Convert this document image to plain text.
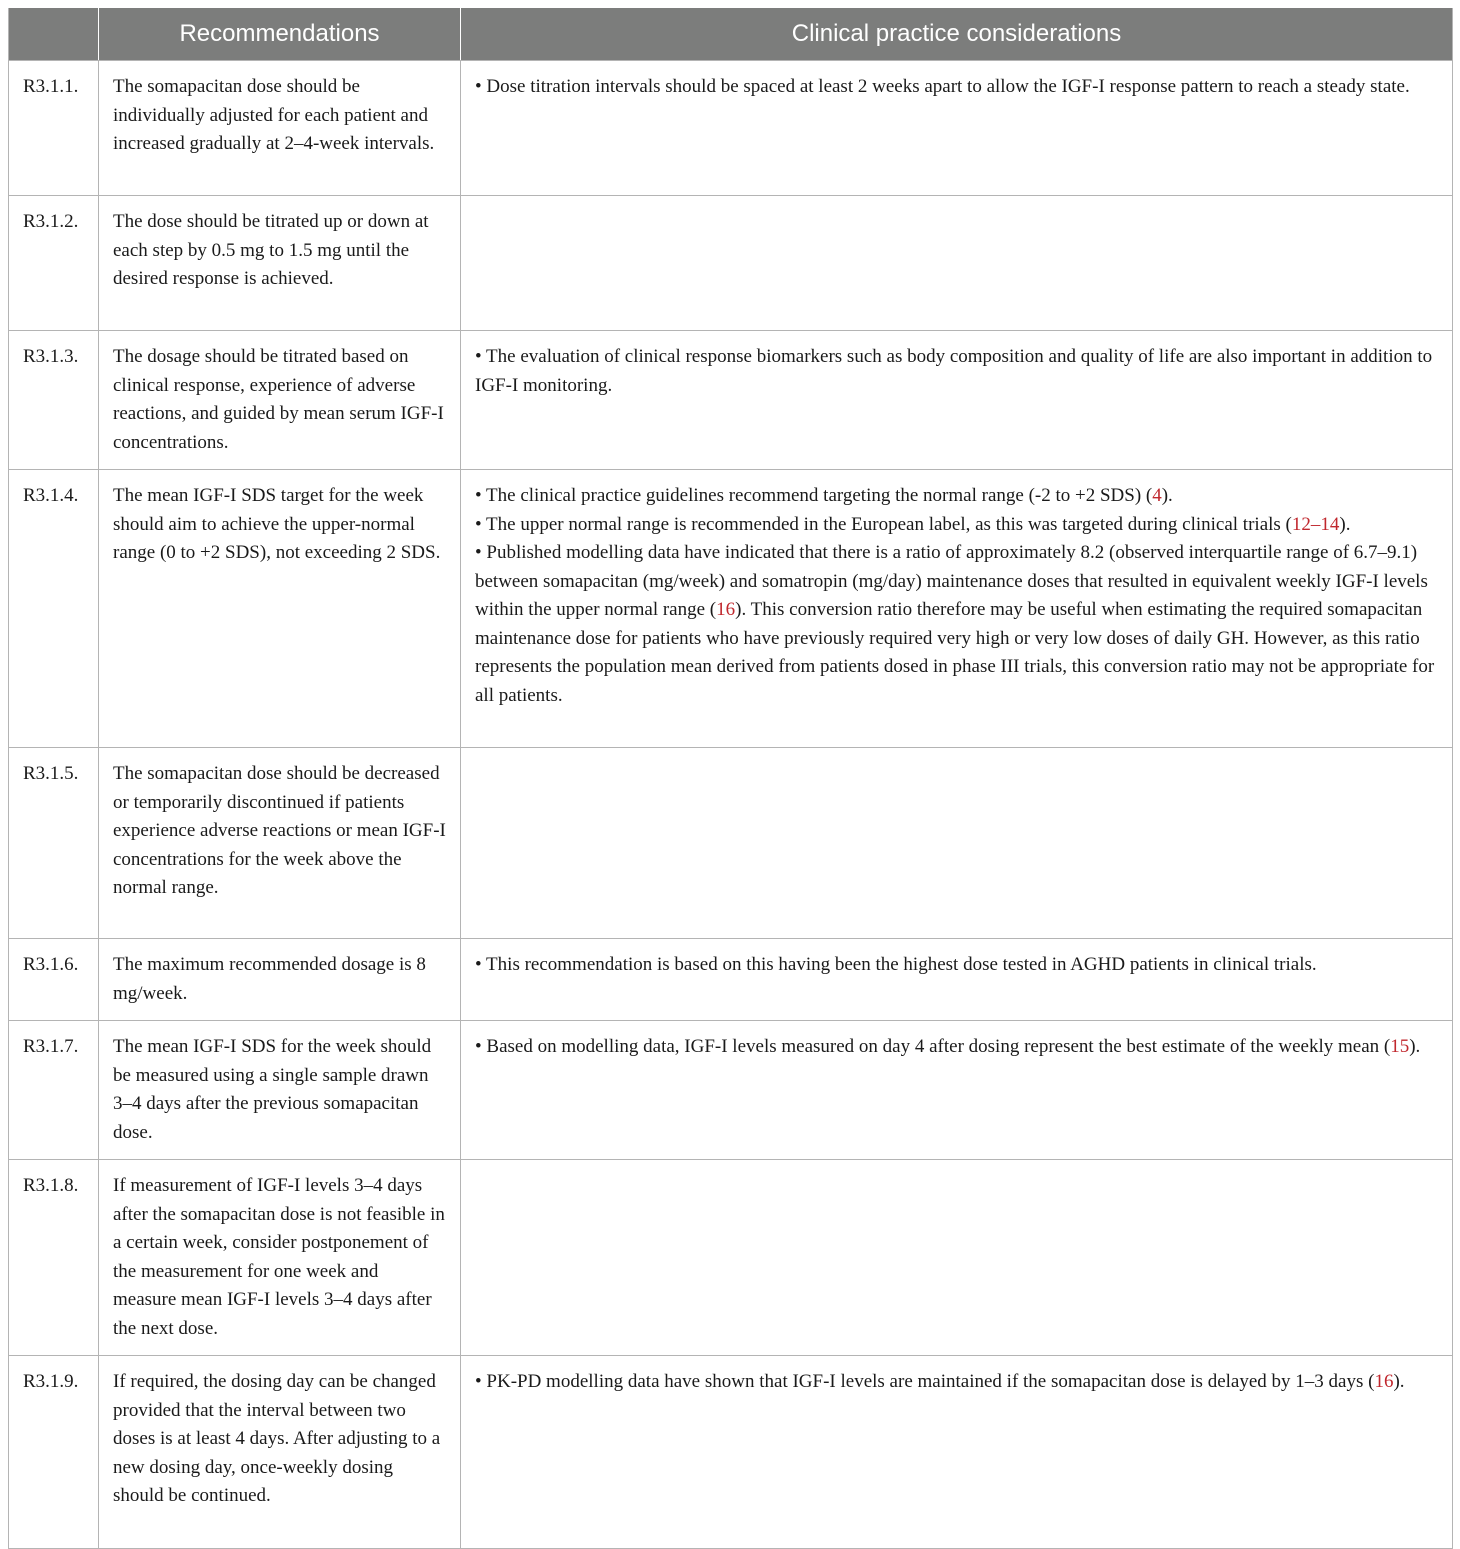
	Recommendations	Clinical practice considerations
R3.1.1.	The somapacitan dose should be individually adjusted for each patient and increased gradually at 2–4-week intervals.	• Dose titration intervals should be spaced at least 2 weeks apart to allow the IGF-I response pattern to reach a steady state.

R3.1.2.	The dose should be titrated up or down at each step by 0.5 mg to 1.5 mg until the desired response is achieved.	
R3.1.3.	The dosage should be titrated based on clinical response, experience of adverse reactions, and guided by mean serum IGF-I concentrations.	• The evaluation of clinical response biomarkers such as body composition and quality of life are also important in addition to IGF-I monitoring.

R3.1.4.	The mean IGF-I SDS target for the week should aim to achieve the upper-normal range (0 to +2 SDS), not exceeding 2 SDS.	• The clinical practice guidelines recommend targeting the normal range (-2 to +2 SDS) (4).
• The upper normal range is recommended in the European label, as this was targeted during clinical trials (12–14).
• Published modelling data have indicated that there is a ratio of approximately 8.2 (observed interquartile range of 6.7–9.1) between somapacitan (mg/week) and somatropin (mg/day) maintenance doses that resulted in equivalent weekly IGF-I levels within the upper normal range (16). This conversion ratio therefore may be useful when estimating the required somapacitan maintenance dose for patients who have previously required very high or very low doses of daily GH. However, as this ratio represents the population mean derived from patients dosed in phase III trials, this conversion ratio may not be appropriate for all patients.

R3.1.5.	The somapacitan dose should be decreased or temporarily discontinued if patients experience adverse reactions or mean IGF-I concentrations for the week above the normal range.	
R3.1.6.	The maximum recommended dosage is 8 mg/week.	• This recommendation is based on this having been the highest dose tested in AGHD patients in clinical trials.

R3.1.7.	The mean IGF-I SDS for the week should be measured using a single sample drawn 3–4 days after the previous somapacitan dose.	• Based on modelling data, IGF-I levels measured on day 4 after dosing represent the best estimate of the weekly mean (15).

R3.1.8.	If measurement of IGF-I levels 3–4 days after the somapacitan dose is not feasible in a certain week, consider postponement of the measurement for one week and measure mean IGF-I levels 3–4 days after the next dose.	
R3.1.9.	If required, the dosing day can be changed provided that the interval between two doses is at least 4 days. After adjusting to a new dosing day, once-weekly dosing should be continued.	• PK-PD modelling data have shown that IGF-I levels are maintained if the somapacitan dose is delayed by 1–3 days (16).
